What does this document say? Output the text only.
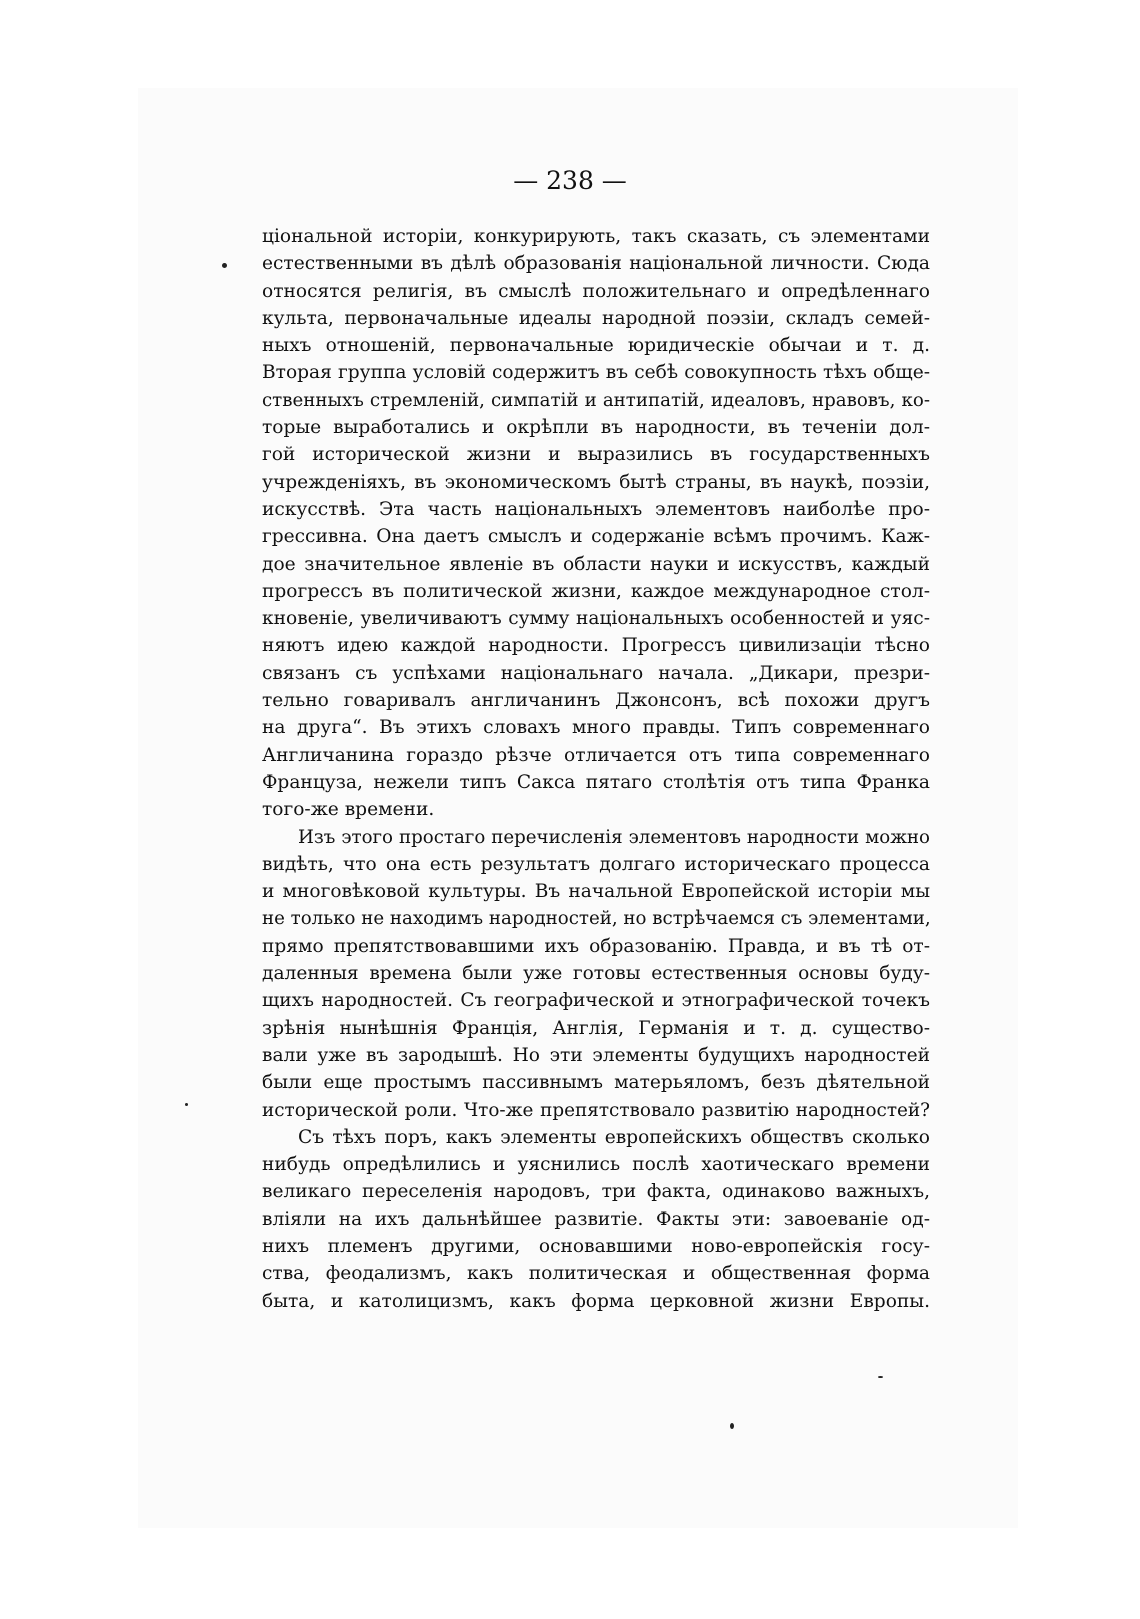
— 238 —
ціональной исторіи, конкурирують, такъ сказать, съ элементами
естественными въ дѣлѣ образованія національной личности. Сюда
относятся религія, въ смыслѣ положительнаго и опредѣленнаго
культа, первоначальные идеалы народной поэзіи, складъ семей-
ныхъ отношеній, первоначальные юридическіе обычаи и т. д.
Вторая группа условій содержитъ въ себѣ совокупность тѣхъ обще-
ственныхъ стремленій, симпатій и антипатій, идеаловъ, нравовъ, ко-
торые выработались и окрѣпли въ народности, въ теченіи дол-
гой исторической жизни и выразились въ государственныхъ
учрежденіяхъ, въ экономическомъ бытѣ страны, въ наукѣ, поэзіи,
искусствѣ. Эта часть національныхъ элементовъ наиболѣе про-
грессивна. Она даетъ смыслъ и содержаніе всѣмъ прочимъ. Каж-
дое значительное явленіе въ области науки и искусствъ, каждый
прогрессъ въ политической жизни, каждое международное стол-
кновеніе, увеличиваютъ сумму національныхъ особенностей и уяс-
няютъ идею каждой народности. Прогрессъ цивилизаціи тѣсно
связанъ съ успѣхами національнаго начала. „Дикари, презри-
тельно говаривалъ англичанинъ Джонсонъ, всѣ похожи другъ
на друга“. Въ этихъ словахъ много правды. Типъ современнаго
Англичанина гораздо рѣзче отличается отъ типа современнаго
Француза, нежели типъ Сакса пятаго столѣтія отъ типа Франка
того-же времени.
Изъ этого простаго перечисленія элементовъ народности можно
видѣть, что она есть результатъ долгаго историческаго процесса
и многовѣковой культуры. Въ начальной Европейской исторіи мы
не только не находимъ народностей, но встрѣчаемся съ элементами,
прямо препятствовавшими ихъ образованію. Правда, и въ тѣ от-
даленныя времена были уже готовы естественныя основы буду-
щихъ народностей. Съ географической и этнографической точекъ
зрѣнія нынѣшнія Франція, Англія, Германія и т. д. существо-
вали уже въ зародышѣ. Но эти элементы будущихъ народностей
были еще простымъ пассивнымъ матерьяломъ, безъ дѣятельной
исторической роли. Что-же препятствовало развитію народностей?
Съ тѣхъ поръ, какъ элементы европейскихъ обществъ сколько
нибудь опредѣлились и уяснились послѣ хаотическаго времени
великаго переселенія народовъ, три факта, одинаково важныхъ,
вліяли на ихъ дальнѣйшее развитіе. Факты эти: завоеваніе од-
нихъ племенъ другими, основавшими ново-европейскія госу-
ства, феодализмъ, какъ политическая и общественная форма
быта, и католицизмъ, какъ форма церковной жизни Европы.
